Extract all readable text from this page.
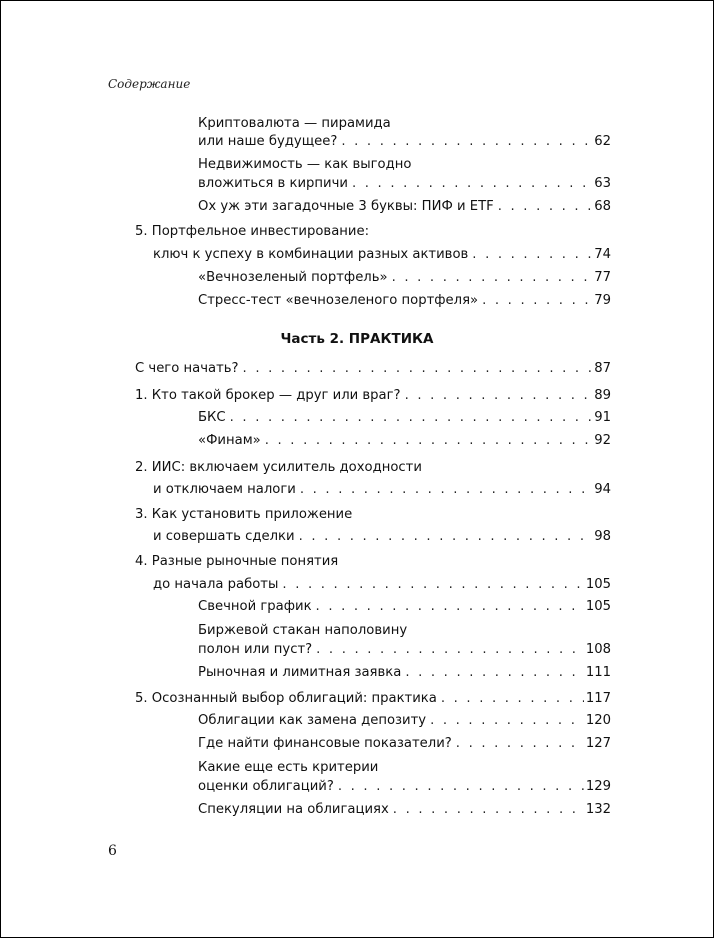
Содержание
Криптовалюта — пирамида
или наше будущее? . . .	62
Недвижимость — как выгодно
вложиться в кирпичи . . .	63
Ох уж эти загадочные 3 буквы: ПИФ и ETF . . .	68
5. Портфельное инвестирование:
ключ к успеху в комбинации разных активов . . .	74
«Вечнозеленый портфель» . . .	77
Стресс-тест «вечнозеленого портфеля» . . .	79
Часть 2. ПРАКТИКА
С чего начать? . . .	87
1. Кто такой брокер — друг или враг? . . .	89
БКС . . .	91
«Финам» . . .	92
2. ИИС: включаем усилитель доходности
и отключаем налоги . . .	94
3. Как установить приложение
и совершать сделки . . .	98
4. Разные рыночные понятия
до начала работы . . .	105
Свечной график . . .	105
Биржевой стакан наполовину
полон или пуст? . . .	108
Рыночная и лимитная заявка . . .	111
5. Осознанный выбор облигаций: практика . . .	117
Облигации как замена депозиту . . .	120
Где найти финансовые показатели? . . .	127
Какие еще есть критерии
оценки облигаций? . . .	129
Спекуляции на облигациях . . .	132
6
